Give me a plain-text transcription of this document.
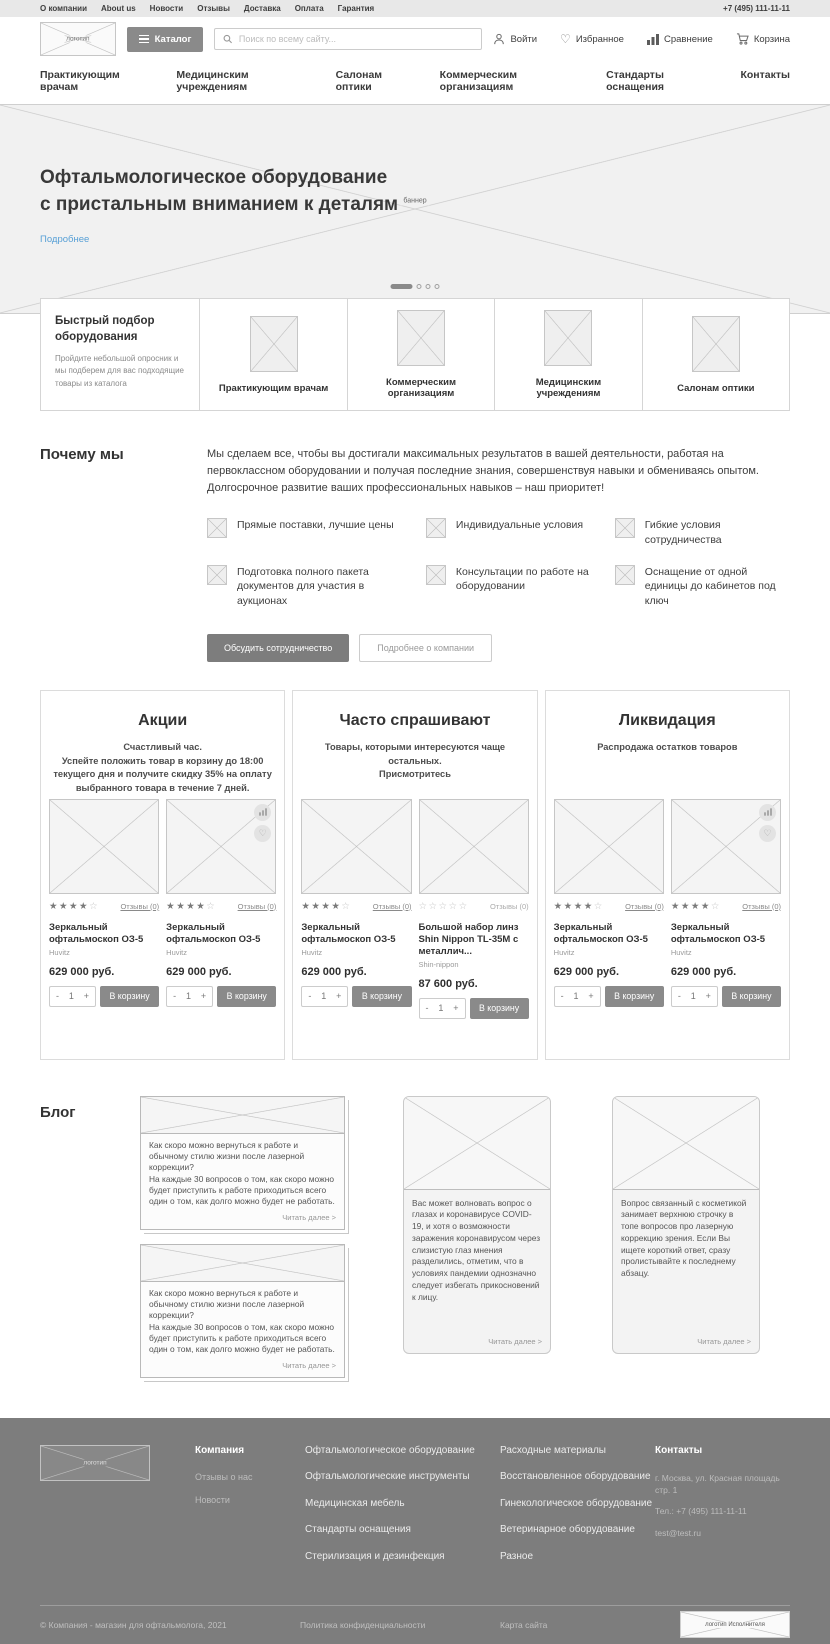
О компании About us Новости Отзывы Доставка Оплата Гарантия	+7 (495) 111-11-11
логотип	Каталог
Поиск по всему сайту...	Войти ♡ Избранное	Сравнение	Корзина
Практикующим врачам
Медицинским учреждениям
Салонам оптики
Коммерческим организациям
Стандарты оснащения
Контакты
баннер
Офтальмологическое оборудование
с пристальным вниманием к деталям
Подробнее
Быстрый подбор оборудования

Пройдите небольшой опросник и мы подберем для вас подходящие товары из каталога	Практикующим врачам	Коммерческим организациям
Медицинским учреждениям	Салонам оптики
Почему мы	Мы сделаем все, чтобы вы достигали максимальных результатов в вашей деятельности, работая на первоклассном оборудовании и получая последние знания, совершенствуя навыки и обмениваясь опытом. Долгосрочное развитие ваших профессиональных навыков – наш приоритет!

Прямые поставки, лучшие цены	Индивидуальные условия	Гибкие условия сотрудничества
Подготовка полного пакета документов для участия в аукционах
Консультации по работе на оборудовании
Оснащение от одной единицы до кабинетов под ключ
Обсудить сотрудничество	Подробнее о компании
Акции
Счастливый час.
Успейте положить товар в корзину до 18:00 текущего дня и получите скидку 35% на оплату выбранного товара в течение 7 дней.
★★★★☆	Отзывы (0)
Зеркальный офтальмоскоп ОЗ-5
Huvitz
629 000 руб.
- 1 +	В корзину
♡
★★★★☆	Отзывы (0)
Зеркальный офтальмоскоп ОЗ-5
Huvitz
629 000 руб.
- 1 +	В корзину
Часто спрашивают
Товары, которыми интересуются чаще остальных.
Присмотритесь
★★★★☆	Отзывы (0)
Зеркальный офтальмоскоп ОЗ-5
Huvitz
629 000 руб.
- 1 +	В корзину
☆☆☆☆☆	Отзывы (0)
Большой набор линз Shin Nippon TL-35M с металлич...
Shin-nippon
87 600 руб.
- 1 +	В корзину
Ликвидация
Распродажа остатков товаров
★★★★☆	Отзывы (0)
Зеркальный офтальмоскоп ОЗ-5
Huvitz
629 000 руб.
- 1 +	В корзину
♡
★★★★☆	Отзывы (0)
Зеркальный офтальмоскоп ОЗ-5
Huvitz
629 000 руб.
- 1 +	В корзину
Блог
Как скоро можно вернуться к работе и обычному стилю жизни после лазерной коррекции?
На каждые 30 вопросов о том, как скоро можно будет приступить к работе приходиться всего один о том, как долго можно будет не работать.
Читать далее >
Как скоро можно вернуться к работе и обычному стилю жизни после лазерной коррекции?
На каждые 30 вопросов о том, как скоро можно будет приступить к работе приходиться всего один о том, как долго можно будет не работать.
Читать далее >
Вас может волновать вопрос о глазах и коронавирусе COVID-19, и хотя о возможности заражения коронавирусом через слизистую глаз мнения разделились, отметим, что в условиях пандемии однозначно следует избегать прикосновений к лицу.
Читать далее >
Вопрос связанный с косметикой занимает верхнюю строчку в топе вопросов про лазерную коррекцию зрения. Если Вы ищете короткий ответ, сразу пролистывайте к последнему абзацу.
Читать далее >
логотип
Компания
Отзывы о нас
Новости
Офтальмологическое оборудование
Офтальмологические инструменты
Медицинская мебель
Стандарты оснащения
Стерилизация и дезинфекция
Расходные материалы
Восстановленное оборудование
Гинекологическое оборудование
Ветеринарное оборудование
Разное
Контакты

г. Москва, ул. Красная площадь стр. 1

Тел.: +7 (495) 111-11-11

test@test.ru

© Компания - магазин для офтальмолога, 2021	Политика конфиденциальности	Карта сайта	логотип Исполнителя
